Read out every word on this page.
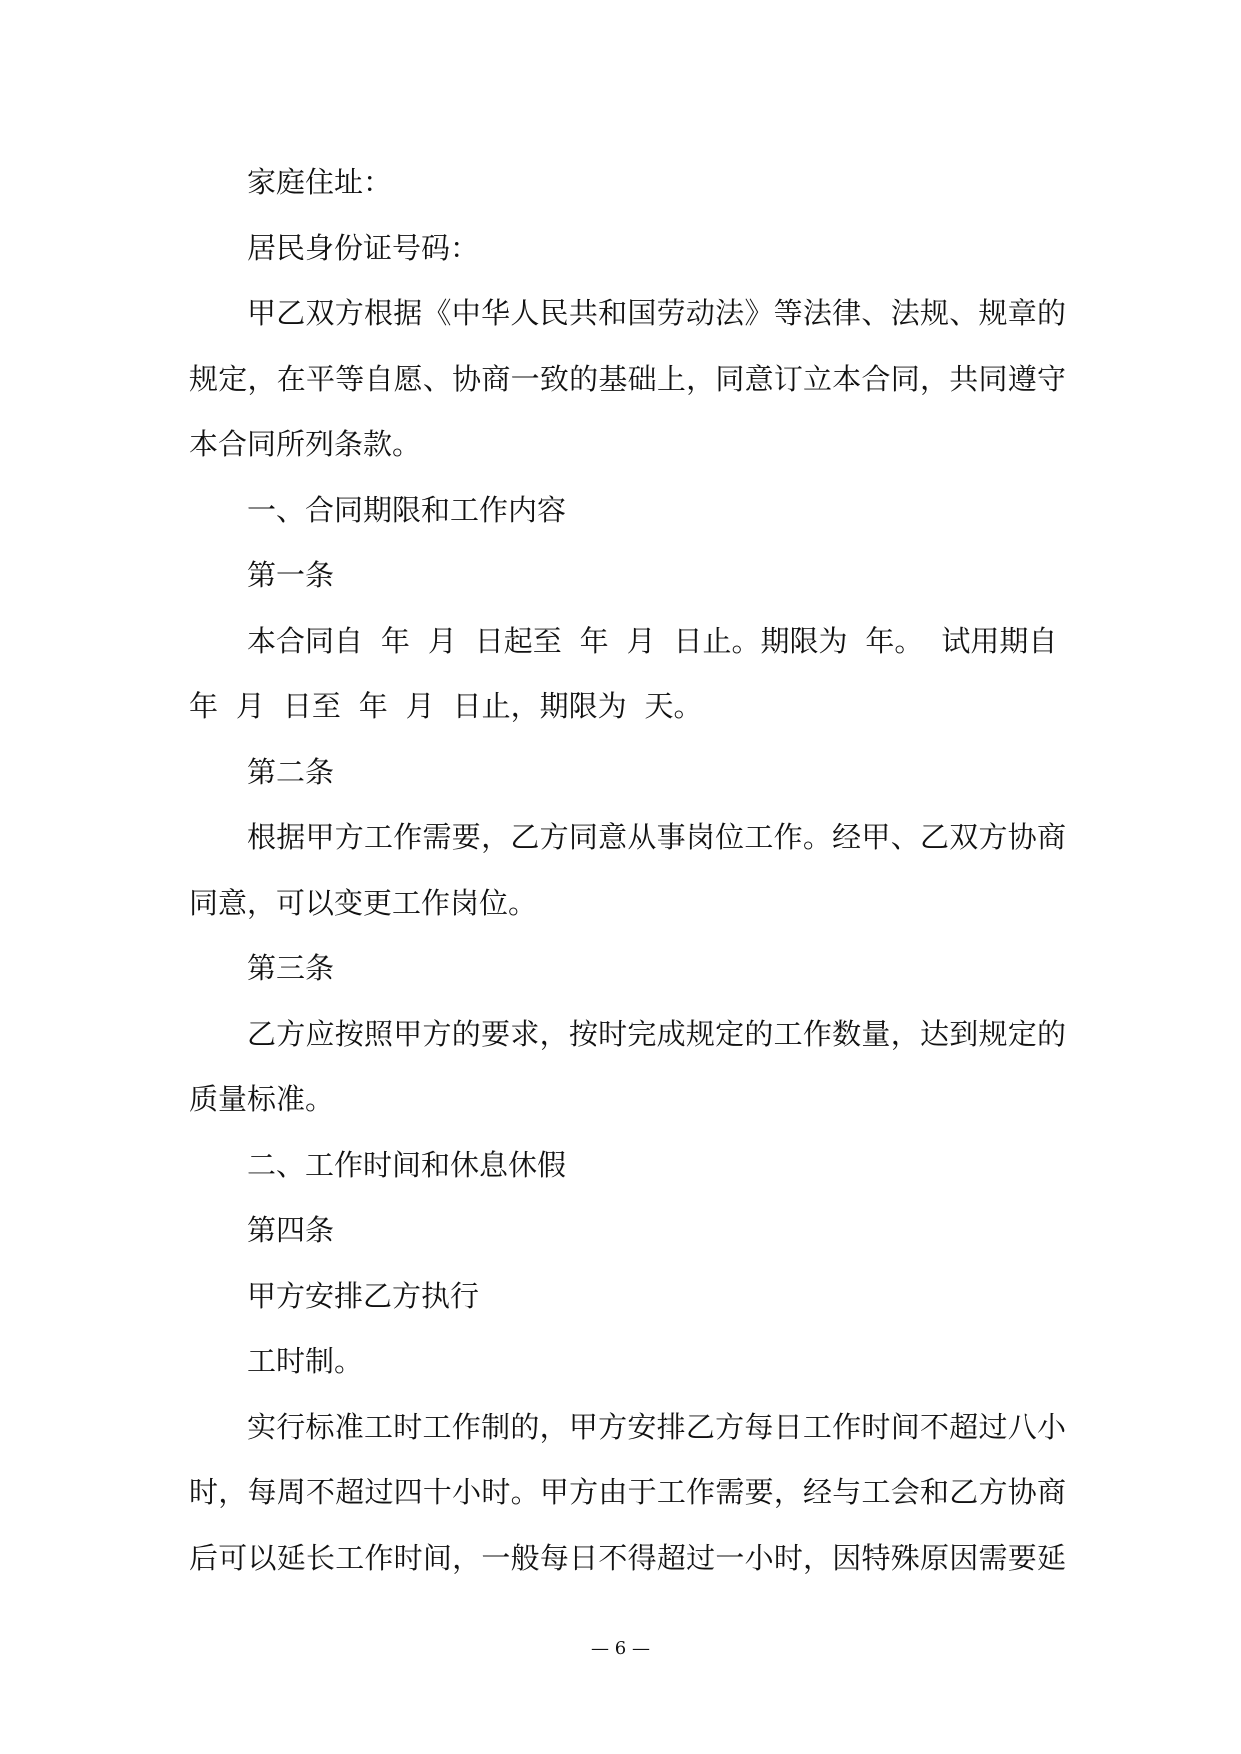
家庭住址：
居民身份证号码：
甲乙双方根据《中华人民共和国劳动法》等法律、法规、规章的
规定，在平等自愿、协商一致的基础上，同意订立本合同，共同遵守
本合同所列条款。
一、合同期限和工作内容
第一条
本合同自 年 月 日起至 年 月 日止。期限为 年。 试用期自
年 月 日至 年 月 日止，期限为 天。
第二条
根据甲方工作需要，乙方同意从事岗位工作。经甲、乙双方协商
同意，可以变更工作岗位。
第三条
乙方应按照甲方的要求，按时完成规定的工作数量，达到规定的
质量标准。
二、工作时间和休息休假
第四条
甲方安排乙方执行
工时制。
实行标准工时工作制的，甲方安排乙方每日工作时间不超过八小
时，每周不超过四十小时。甲方由于工作需要，经与工会和乙方协商
后可以延长工作时间，一般每日不得超过一小时，因特殊原因需要延
— 6 —
